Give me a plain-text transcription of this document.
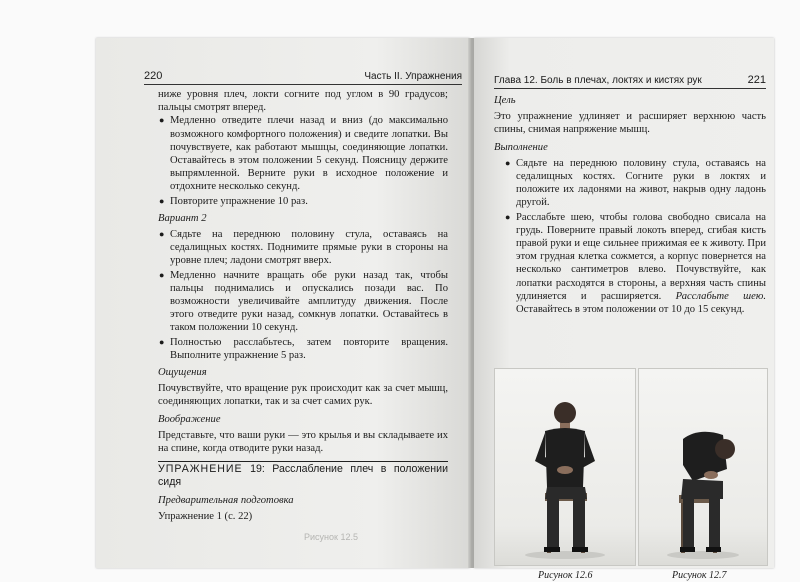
220	Часть II. Упражнения

ниже уровня плеч, локти согните под углом в 90 градусов; пальцы смотрят вперед.

● Медленно отведите плечи назад и вниз (до максимально возможного комфортного положения) и сведите лопатки. Вы почувствуете, как работают мышцы, соединяющие лопатки. Оставайтесь в этом положении 5 секунд. Поясницу держите выпрямленной. Верните руки в исходное положение и отдохните несколько секунд.
● Повторите упражнение 10 раз.
Вариант 2
● Сядьте на переднюю половину стула, оставаясь на седалищных костях. Поднимите прямые руки в стороны на уровне плеч; ладони смотрят вверх.
● Медленно начните вращать обе руки назад так, чтобы пальцы поднимались и опускались позади вас. По возможности увеличивайте амплитуду движения. После этого отведите руки назад, сомкнув лопатки. Оставайтесь в таком положении 10 секунд.
● Полностью расслабьтесь, затем повторите вращения. Выполните упражнение 5 раз.
Ощущения

Почувствуйте, что вращение рук происходит как за счет мышц, соединяющих лопатки, так и за счет самих рук.

Воображение

Представьте, что ваши руки — это крылья и вы складываете их на спине, когда отводите руки назад.

УПРАЖНЕНИЕ 19: Расслабление плеч в положении сидя
Предварительная подготовка

Упражнение 1 (с. 22)

Рисунок 12.5
Глава 12. Боль в плечах, локтях и кистях рук	221
Цель

Это упражнение удлиняет и расширяет верхнюю часть спины, снимая напряжение мышц.

Выполнение
● Сядьте на переднюю половину стула, оставаясь на седалищных костях. Согните руки в локтях и положите их ладонями на живот, накрыв одну ладонь другой.
● Расслабьте шею, чтобы голова свободно свисала на грудь. Поверните правый локоть вперед, сгибая кисть правой руки и еще сильнее прижимая ее к животу. При этом грудная клетка сожмется, а корпус повернется на несколько сантиметров влево. Почувствуйте, как лопатки расходятся в стороны, а верхняя часть спины удлиняется и расширяется. Расслабьте шею. Оставайтесь в этом положении от 10 до 15 секунд.
Рисунок 12.6	Рисунок 12.7
